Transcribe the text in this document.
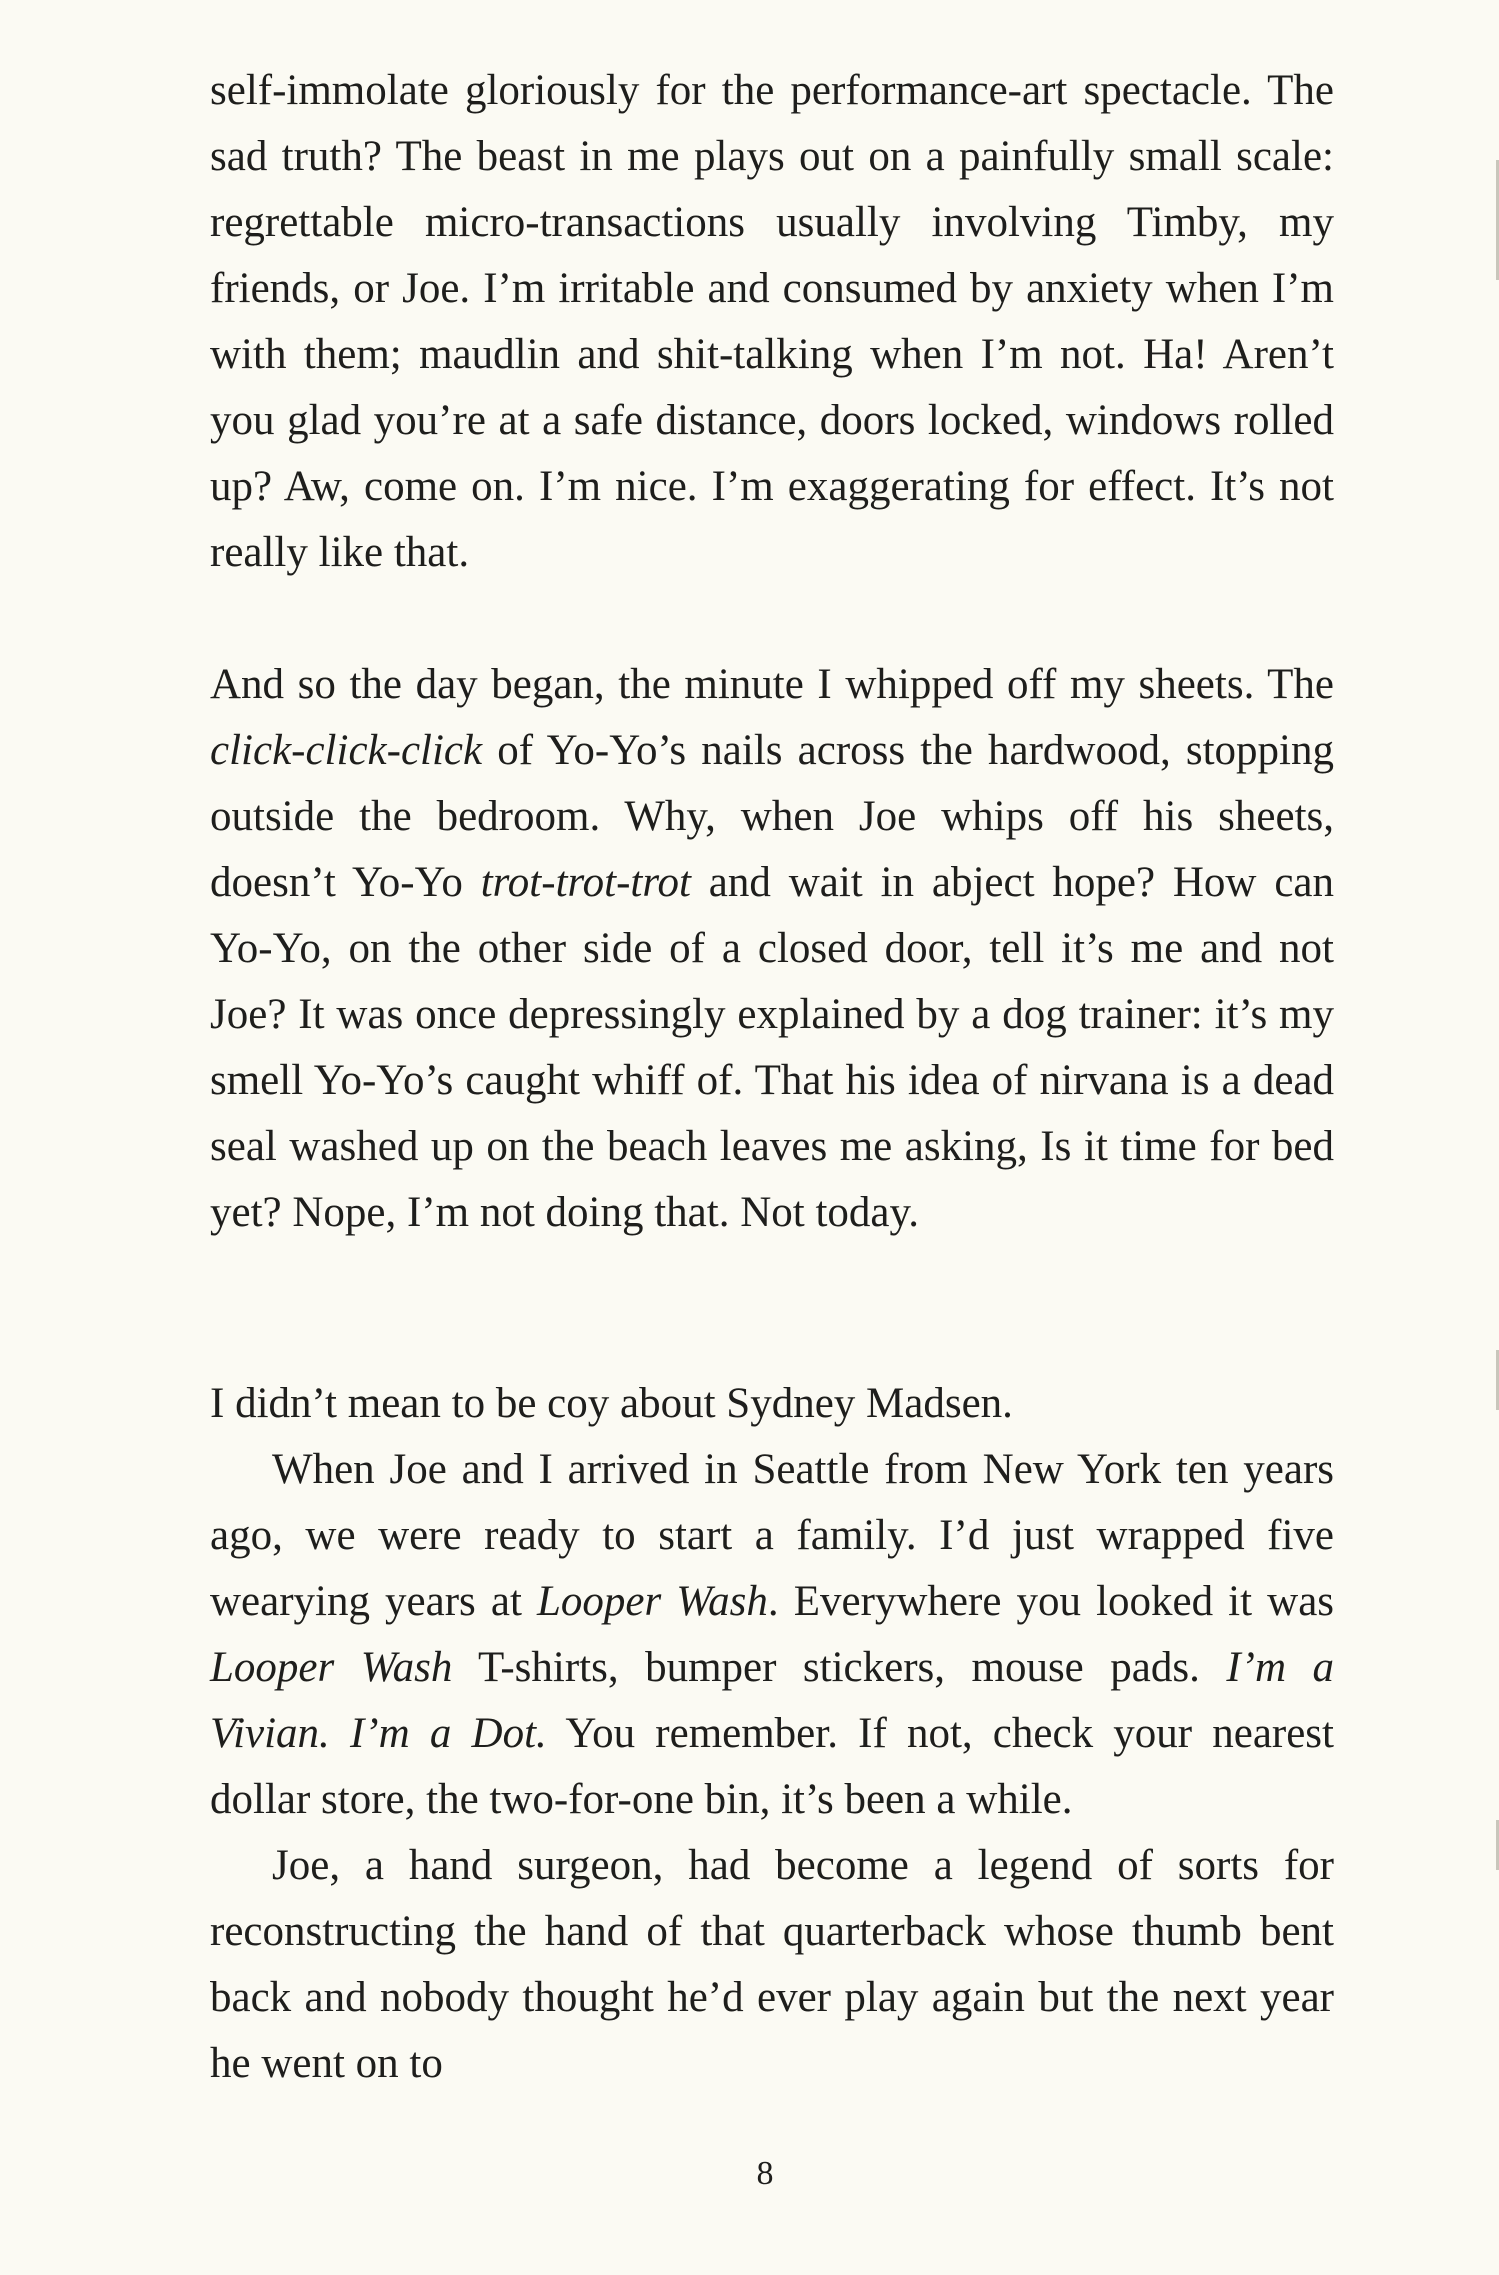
self-immolate gloriously for the performance-art spectacle. The sad truth? The beast in me plays out on a painfully small scale: regrettable micro-transactions usually involving Timby, my friends, or Joe. I’m irritable and consumed by anxiety when I’m with them; maudlin and shit-talking when I’m not. Ha! Aren’t you glad you’re at a safe distance, doors locked, windows rolled up? Aw, come on. I’m nice. I’m exaggerating for effect. It’s not really like that.

And so the day began, the minute I whipped off my sheets. The click-click-click of Yo-Yo’s nails across the hardwood, stopping outside the bedroom. Why, when Joe whips off his sheets, doesn’t Yo-Yo trot-trot-trot and wait in abject hope? How can Yo-Yo, on the other side of a closed door, tell it’s me and not Joe? It was once depressingly explained by a dog trainer: it’s my smell Yo-Yo’s caught whiff of. That his idea of nirvana is a dead seal washed up on the beach leaves me asking, Is it time for bed yet? Nope, I’m not doing that. Not today.

I didn’t mean to be coy about Sydney Madsen.

When Joe and I arrived in Seattle from New York ten years ago, we were ready to start a family. I’d just wrapped five wearying years at Looper Wash. Everywhere you looked it was Looper Wash T-shirts, bumper stickers, mouse pads. I’m a Vivian. I’m a Dot. You remember. If not, check your nearest dollar store, the two-for-one bin, it’s been a while.

Joe, a hand surgeon, had become a legend of sorts for reconstructing the hand of that quarterback whose thumb bent back and nobody thought he’d ever play again but the next year he went on to

8
